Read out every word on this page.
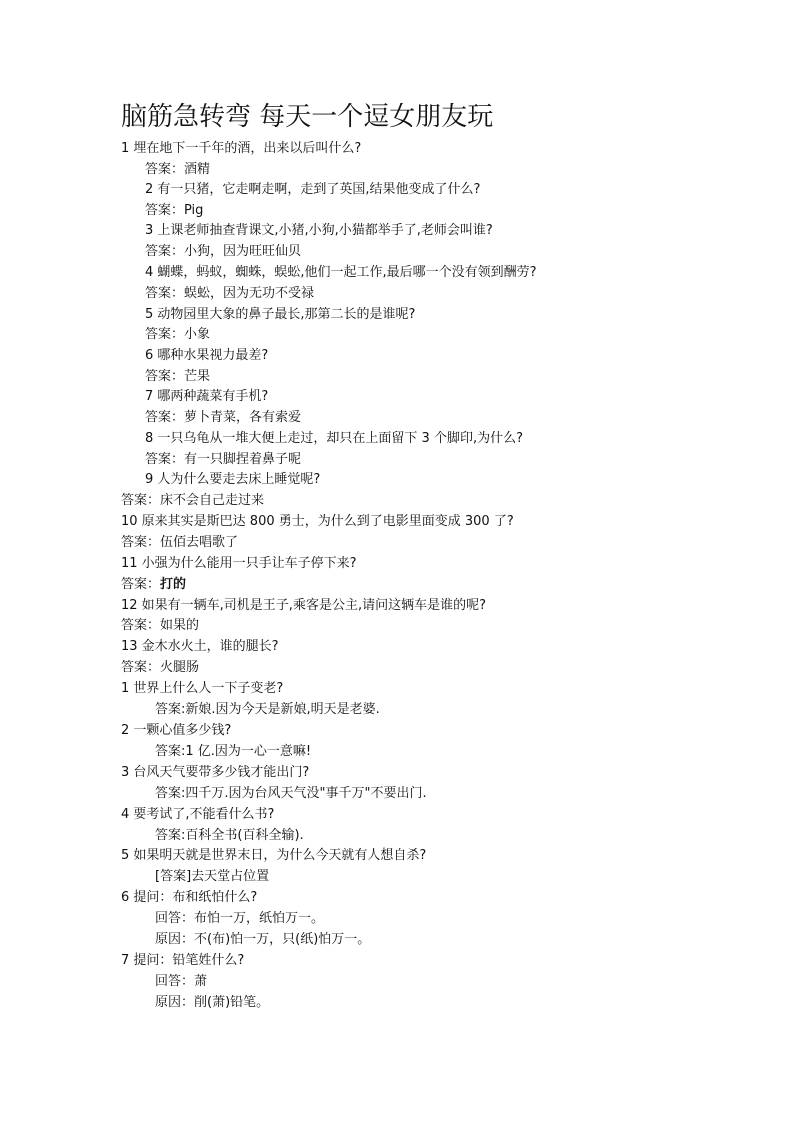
脑筋急转弯 每天一个逗女朋友玩
1 埋在地下一千年的酒，出来以后叫什么?
答案：酒精
2 有一只猪，它走啊走啊，走到了英国,结果他变成了什么?
答案：Pig
3 上课老师抽查背课文,小猪,小狗,小猫都举手了,老师会叫谁?
答案：小狗，因为旺旺仙贝
4 蝴蝶，蚂蚁，蜘蛛，蜈蚣,他们一起工作,最后哪一个没有领到酬劳?
答案：蜈蚣，因为无功不受禄
5 动物园里大象的鼻子最长,那第二长的是谁呢?
答案：小象
6 哪种水果视力最差?
答案：芒果
7 哪两种蔬菜有手机?
答案：萝卜青菜，各有索爱
8 一只乌龟从一堆大便上走过，却只在上面留下 3 个脚印,为什么?
答案：有一只脚捏着鼻子呢
9 人为什么要走去床上睡觉呢?
答案：床不会自己走过来
10 原来其实是斯巴达 800 勇士，为什么到了电影里面变成 300 了?
答案：伍佰去唱歌了
11 小强为什么能用一只手让车子停下来?
答案：打的
12 如果有一辆车,司机是王子,乘客是公主,请问这辆车是谁的呢?
答案：如果的
13 金木水火土，谁的腿长?
答案：火腿肠
1 世界上什么人一下子变老?
答案:新娘.因为今天是新娘,明天是老婆.
2 一颗心值多少钱?
答案:1 亿.因为一心一意嘛!
3 台风天气要带多少钱才能出门?
答案:四千万.因为台风天气没"事千万"不要出门.
4 要考试了,不能看什么书?
答案:百科全书(百科全输).
5 如果明天就是世界末日，为什么今天就有人想自杀?
[答案]去天堂占位置
6 提问：布和纸怕什么?
回答：布怕一万，纸怕万一。
原因：不(布)怕一万，只(纸)怕万一。
7 提问：铅笔姓什么?
回答：萧
原因：削(萧)铅笔。
